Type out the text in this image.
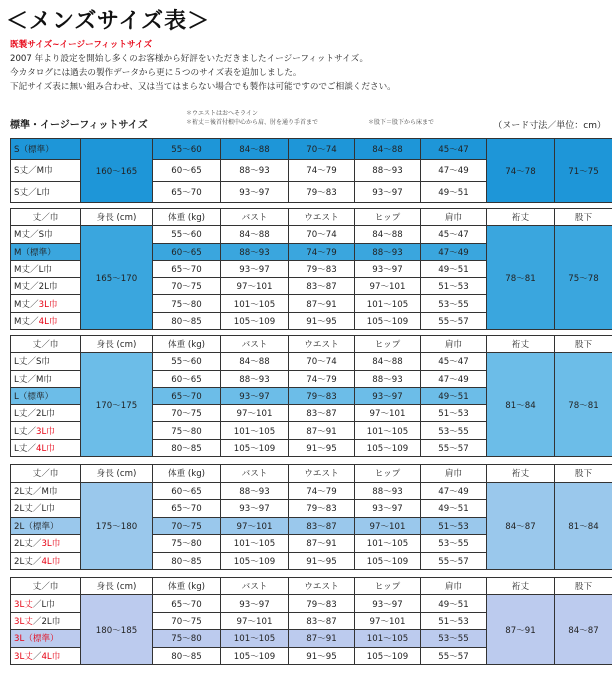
＜メンズサイズ表＞
既製サイズ~イージーフィットサイズ
2007 年より設定を開始し多くのお客様から好評をいただきましたイージーフィットサイズ。
今カタログには過去の製作データから更に５つのサイズ表を追加しました。
下記サイズ表に無い組み合わせ、又は当てはまらない場合でも製作は可能ですのでご相談ください。
標準・イージーフィットサイズ
＊ウエストはおへそライン
＊裄丈＝後首付根中心から肩、肘を通り手首まで	＊股下＝股下から床まで	（ヌード寸法／単位：cm）
S（標準）	160～165	55～60	84～88	70～74	84～88	45～47	74～78	71～75
S丈／M巾		60～65	88～93	74～79	88～93	47～49		
S丈／L巾		65～70	93～97	79～83	93～97	49～51		
丈／巾	身長 (cm)	体重 (kg)	バスト	ウエスト	ヒップ	肩巾	裄丈	股下
M丈／S巾	165～170	55～60	84～88	70～74	84～88	45～47	78～81	75～78
M（標準）		60～65	88～93	74～79	88～93	47～49		
M丈／L巾		65～70	93～97	79～83	93～97	49～51		
M丈／2L巾		70～75	97～101	83～87	97～101	51～53		
M丈／3L巾		75～80	101～105	87～91	101～105	53～55		
M丈／4L巾		80～85	105～109	91～95	105～109	55～57		
丈／巾	身長 (cm)	体重 (kg)	バスト	ウエスト	ヒップ	肩巾	裄丈	股下
L丈／S巾	170～175	55～60	84～88	70～74	84～88	45～47	81～84	78～81
L丈／M巾		60～65	88～93	74～79	88～93	47～49		
L（標準）		65～70	93～97	79～83	93～97	49～51		
L丈／2L巾		70～75	97～101	83～87	97～101	51～53		
L丈／3L巾		75～80	101～105	87～91	101～105	53～55		
L丈／4L巾		80～85	105～109	91～95	105～109	55～57		
丈／巾	身長 (cm)	体重 (kg)	バスト	ウエスト	ヒップ	肩巾	裄丈	股下
2L丈／M巾	175～180	60～65	88～93	74～79	88～93	47～49	84～87	81～84
2L丈／L巾		65～70	93～97	79～83	93～97	49～51		
2L（標準）		70～75	97～101	83～87	97～101	51～53		
2L丈／3L巾		75～80	101～105	87～91	101～105	53～55		
2L丈／4L巾		80～85	105～109	91～95	105～109	55～57		
丈／巾	身長 (cm)	体重 (kg)	バスト	ウエスト	ヒップ	肩巾	裄丈	股下
3L丈／L巾	180～185	65～70	93～97	79～83	93～97	49～51	87～91	84～87
3L丈／2L巾		70～75	97～101	83～87	97～101	51～53		
3L（標準）		75～80	101～105	87～91	101～105	53～55		
3L丈／4L巾		80～85	105～109	91～95	105～109	55～57		
